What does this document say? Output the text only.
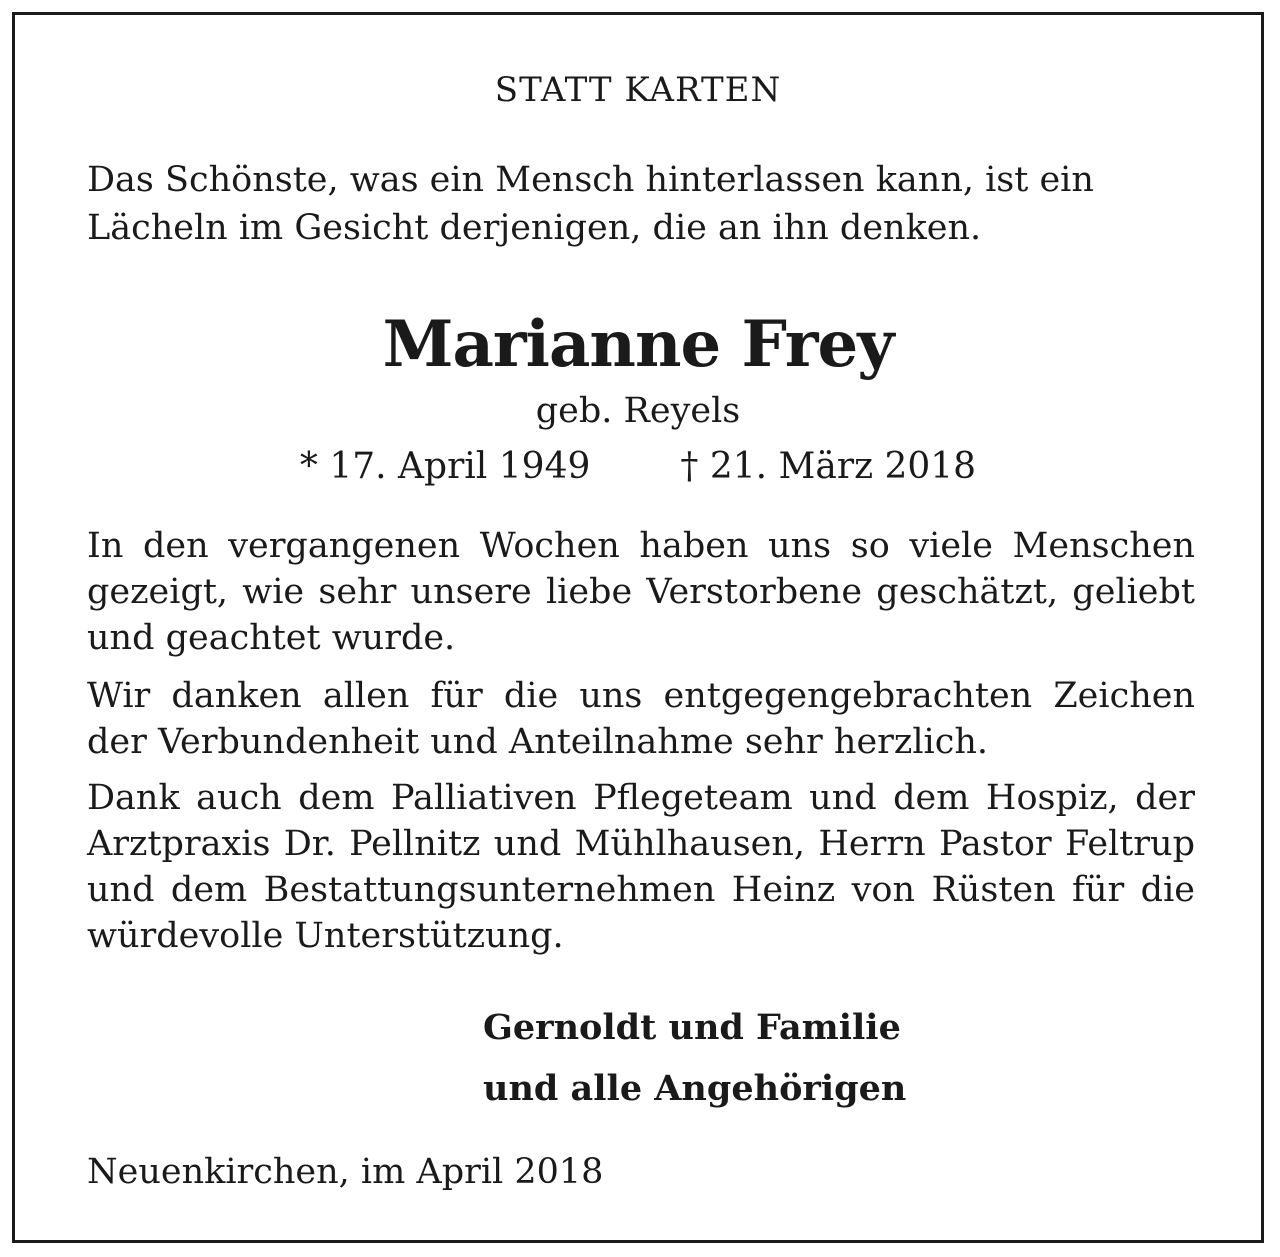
STATT KARTEN
Das Schönste, was ein Mensch hinterlassen kann, ist ein Lächeln im Gesicht derjenigen, die an ihn denken.
Marianne Frey
geb. Reyels
* 17. April 1949	† 21. März 2018
In den vergangenen Wochen haben uns so viele Menschen gezeigt, wie sehr unsere liebe Verstorbene geschätzt, geliebt und geachtet wurde.
Wir danken allen für die uns entgegengebrachten Zeichen der Verbundenheit und Anteilnahme sehr herzlich.
Dank auch dem Palliativen Pflegeteam und dem Hospiz, der Arztpraxis Dr. Pellnitz und Mühlhausen, Herrn Pastor Feltrup und dem Bestattungsunternehmen Heinz von Rüsten für die würdevolle Unterstützung.
Gernoldt und Familie
und alle Angehörigen
Neuenkirchen, im April 2018
